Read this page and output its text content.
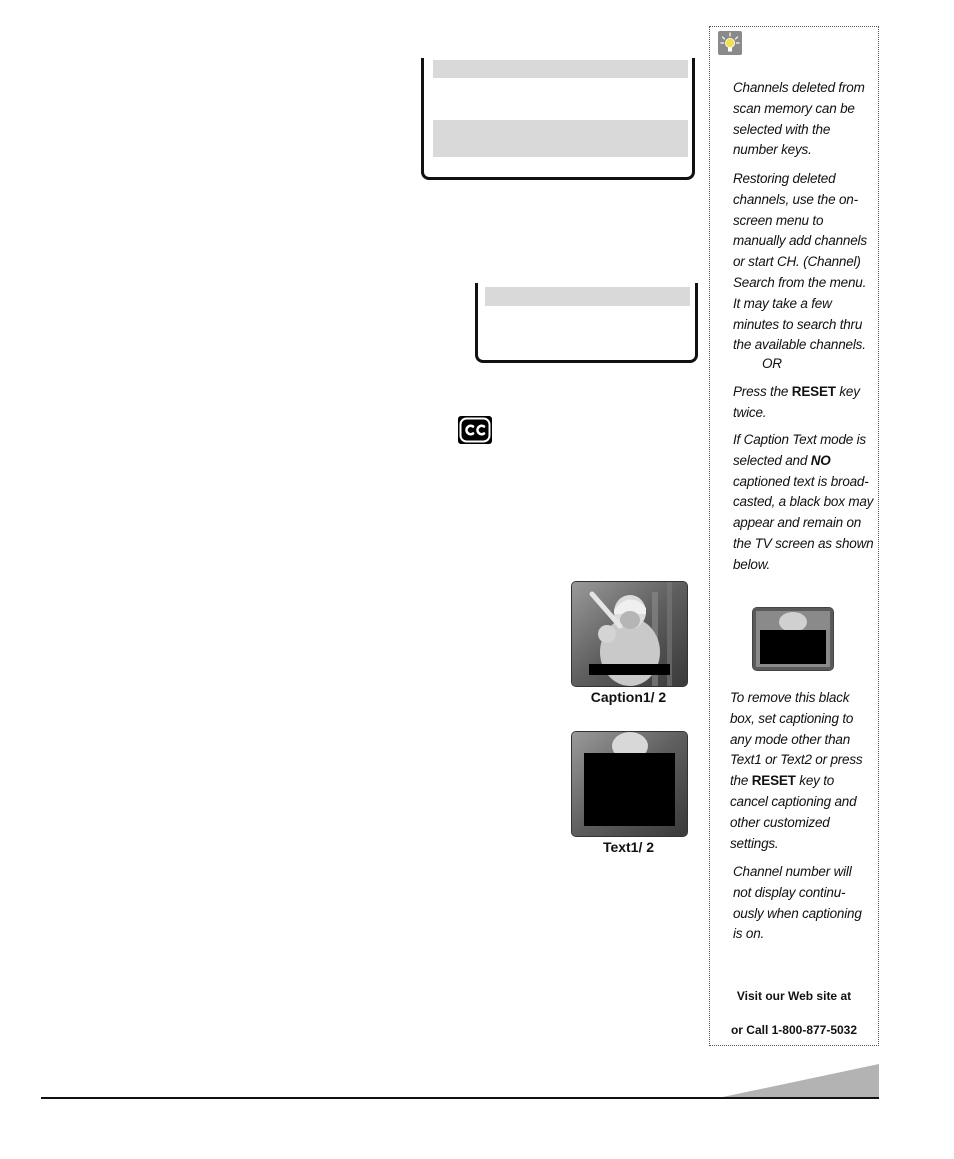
Caption1/ 2
Text1/ 2
Channels deleted from scan memory can be selected with the number keys.
Restoring deleted channels, use the on-screen menu to manually add channels or start CH. (Channel) Search from the menu. It may take a few minutes to search thru the available channels.
OR
Press the RESET key twice.
If Caption Text mode is selected and NO captioned text is broad-casted, a black box may appear and remain on the TV screen as shown below.
To remove this black box, set captioning to any mode other than Text1 or Text2 or press the RESET key to cancel captioning and other customized settings.
Channel number will not display continu-ously when captioning is on.
Visit our Web site at
or Call 1-800-877-5032
